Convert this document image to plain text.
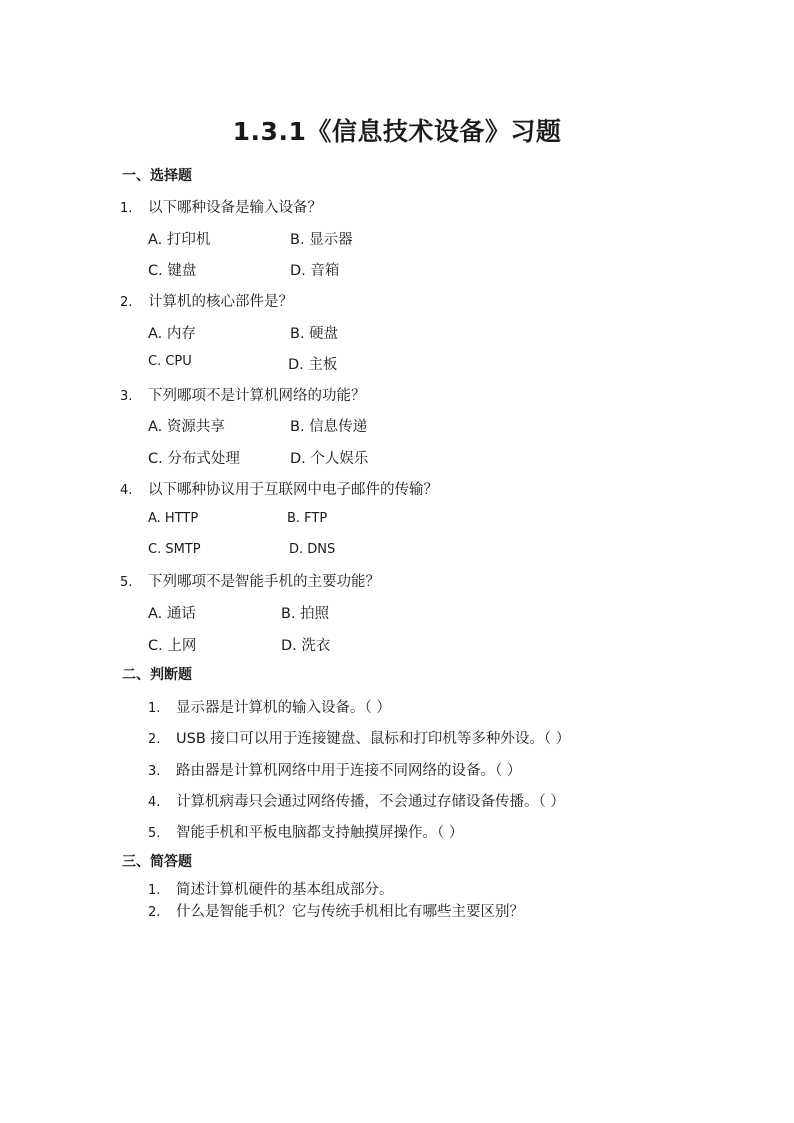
1.3.1《信息技术设备》习题
一、选择题
1. 以下哪种设备是输入设备？
A. 打印机	B. 显示器
C. 键盘	D. 音箱
2. 计算机的核心部件是？
A. 内存	B. 硬盘
C. CPU	D. 主板
3. 下列哪项不是计算机网络的功能？
A. 资源共享	B. 信息传递
C. 分布式处理	D. 个人娱乐
4. 以下哪种协议用于互联网中电子邮件的传输？
A. HTTP	B. FTP
C. SMTP	D. DNS
5. 下列哪项不是智能手机的主要功能？
A. 通话	B. 拍照
C. 上网	D. 洗衣
二、判断题
1. 显示器是计算机的输入设备。（ ）
2. USB 接口可以用于连接键盘、鼠标和打印机等多种外设。（ ）
3. 路由器是计算机网络中用于连接不同网络的设备。（ ）
4. 计算机病毒只会通过网络传播，不会通过存储设备传播。（ ）
5. 智能手机和平板电脑都支持触摸屏操作。（ ）
三、简答题
1. 简述计算机硬件的基本组成部分。
2. 什么是智能手机？它与传统手机相比有哪些主要区别？
